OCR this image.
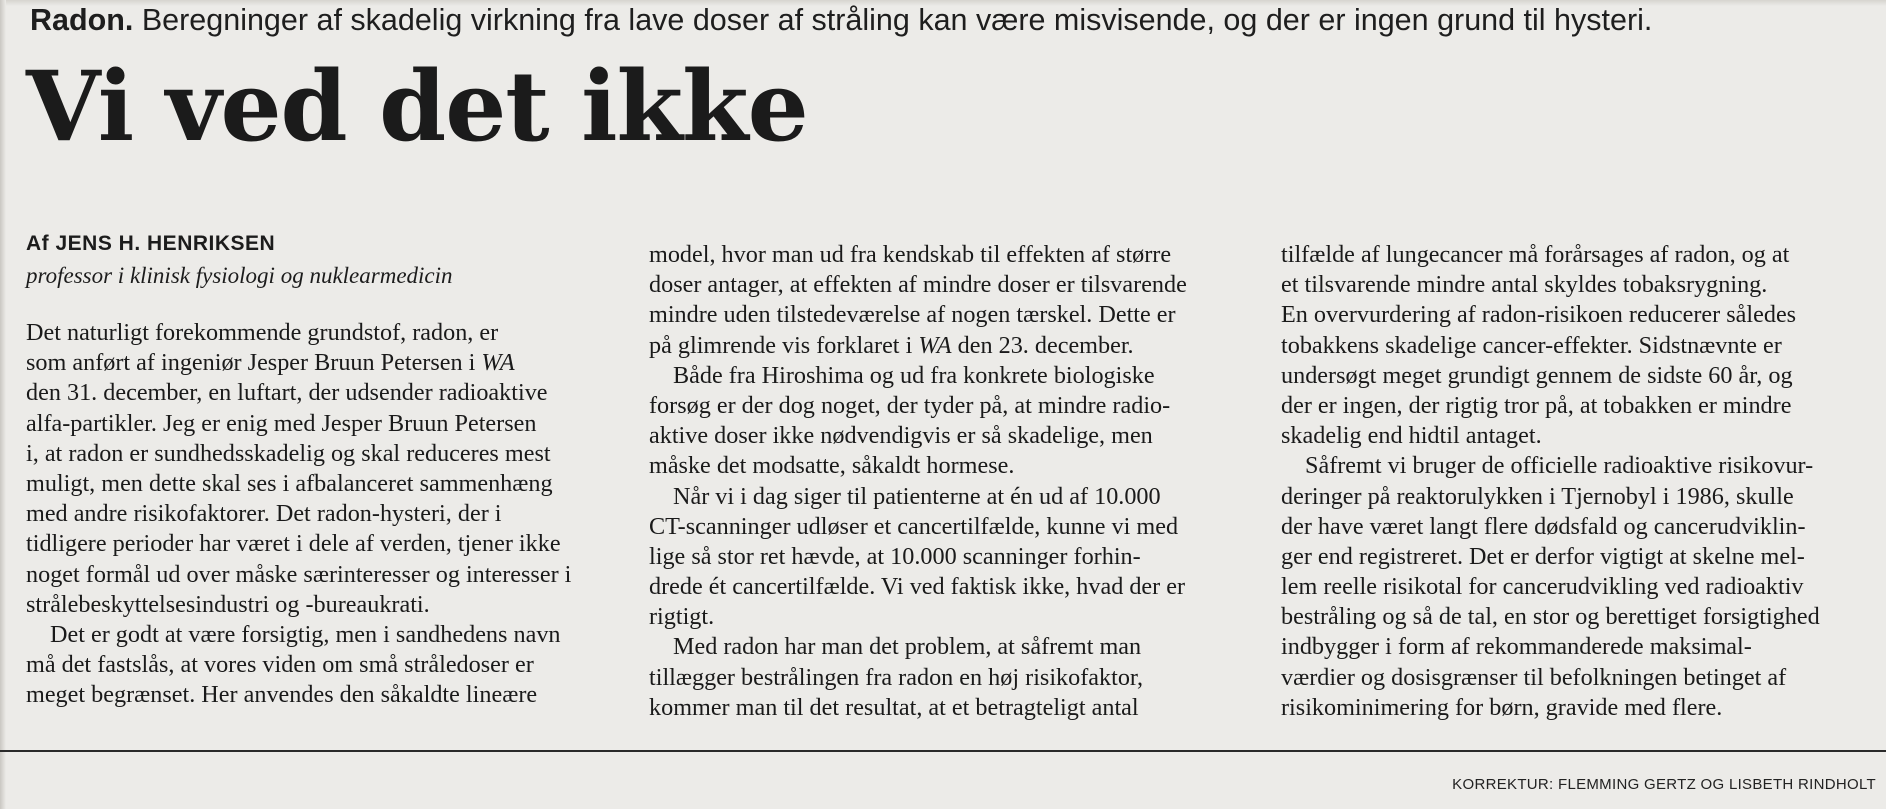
Radon. Beregninger af skadelig virkning fra lave doser af stråling kan være misvisende, og der er ingen grund til hysteri.
Vi ved det ikke
Af JENS H. HENRIKSEN
professor i klinisk fysiologi og nuklearmedicin
Det naturligt forekommende grundstof, radon, er
som anført af ingeniør Jesper Bruun Petersen i WA
den 31. december, en luftart, der udsender radioaktive
alfa-partikler. Jeg er enig med Jesper Bruun Petersen
i, at radon er sundhedsskadelig og skal reduceres mest
muligt, men dette skal ses i afbalanceret sammenhæng
med andre risikofaktorer. Det radon-hysteri, der i
tidligere perioder har været i dele af verden, tjener ikke
noget formål ud over måske særinteresser og interesser i
strålebeskyttelsesindustri og -bureaukrati.
Det er godt at være forsigtig, men i sandhedens navn
må det fastslås, at vores viden om små stråledoser er
meget begrænset. Her anvendes den såkaldte lineære
model, hvor man ud fra kendskab til effekten af større
doser antager, at effekten af mindre doser er tilsvarende
mindre uden tilstedeværelse af nogen tærskel. Dette er
på glimrende vis forklaret i WA den 23. december.
Både fra Hiroshima og ud fra konkrete biologiske
forsøg er der dog noget, der tyder på, at mindre radio-
aktive doser ikke nødvendigvis er så skadelige, men
måske det modsatte, såkaldt hormese.
Når vi i dag siger til patienterne at én ud af 10.000
CT-scanninger udløser et cancertilfælde, kunne vi med
lige så stor ret hævde, at 10.000 scanninger forhin-
drede ét cancertilfælde. Vi ved faktisk ikke, hvad der er
rigtigt.
Med radon har man det problem, at såfremt man
tillægger bestrålingen fra radon en høj risikofaktor,
kommer man til det resultat, at et betragteligt antal
tilfælde af lungecancer må forårsages af radon, og at
et tilsvarende mindre antal skyldes tobaksrygning.
En overvurdering af radon-risikoen reducerer således
tobakkens skadelige cancer-effekter. Sidstnævnte er
undersøgt meget grundigt gennem de sidste 60 år, og
der er ingen, der rigtig tror på, at tobakken er mindre
skadelig end hidtil antaget.
Såfremt vi bruger de officielle radioaktive risikovur-
deringer på reaktorulykken i Tjernobyl i 1986, skulle
der have været langt flere dødsfald og cancerudviklin-
ger end registreret. Det er derfor vigtigt at skelne mel-
lem reelle risikotal for cancerudvikling ved radioaktiv
bestråling og så de tal, en stor og berettiget forsigtighed
indbygger i form af rekommanderede maksimal-
værdier og dosisgrænser til befolkningen betinget af
risikominimering for børn, gravide med flere.
KORREKTUR: FLEMMING GERTZ OG LISBETH RINDHOLT
